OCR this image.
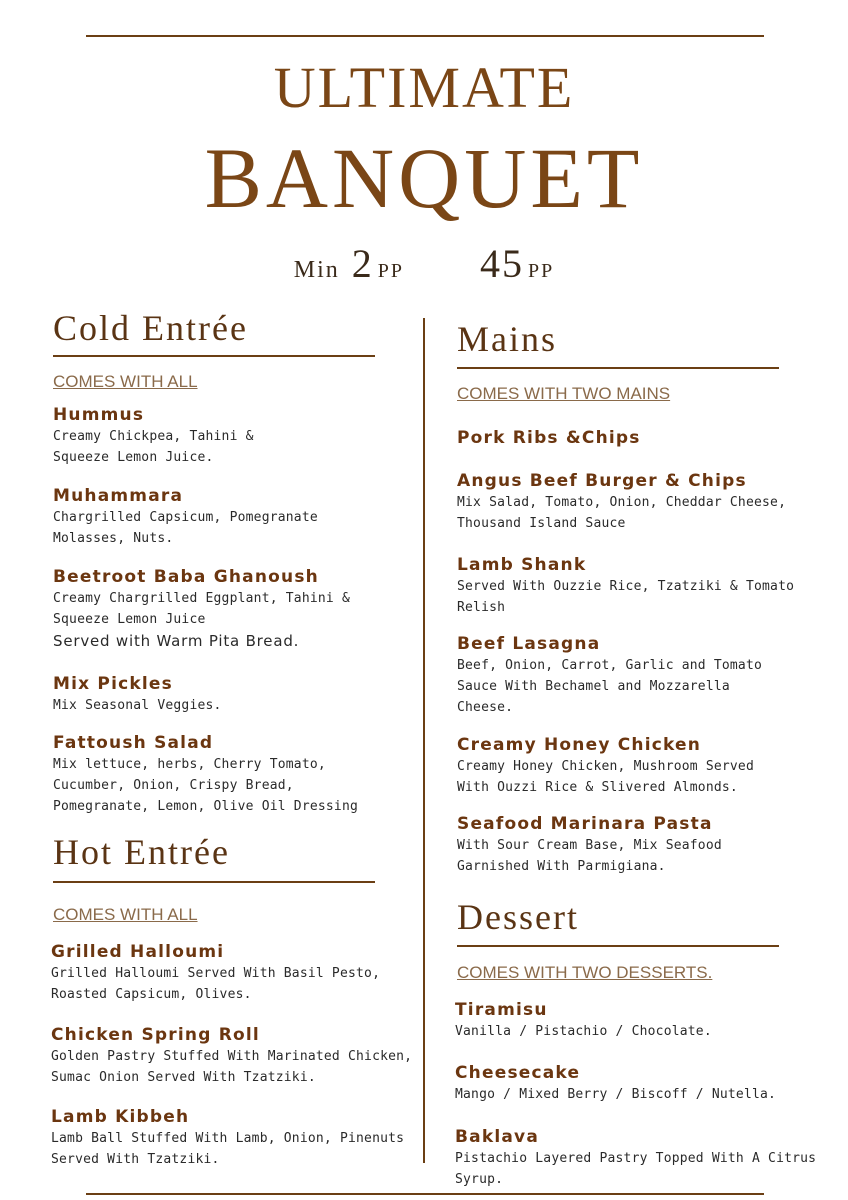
ULTIMATE
BANQUET
Min 2 PP 45 PP
Cold Entrée
COMES WITH ALL
Hummus
Creamy Chickpea, Tahini &
Squeeze Lemon Juice.
Muhammara
Chargrilled Capsicum, Pomegranate
Molasses, Nuts.
Beetroot Baba Ghanoush
Creamy Chargrilled Eggplant, Tahini &
Squeeze Lemon Juice
Served with Warm Pita Bread.
Mix Pickles
Mix Seasonal Veggies.
Fattoush Salad
Mix lettuce, herbs, Cherry Tomato,
Cucumber, Onion, Crispy Bread,
Pomegranate, Lemon, Olive Oil Dressing
Hot Entrée
COMES WITH ALL
Grilled Halloumi
Grilled Halloumi Served With Basil Pesto,
Roasted Capsicum, Olives.
Chicken Spring Roll
Golden Pastry Stuffed With Marinated Chicken,
Sumac Onion Served With Tzatziki.
Lamb Kibbeh
Lamb Ball Stuffed With Lamb, Onion, Pinenuts
Served With Tzatziki.
Mains
COMES WITH TWO MAINS
Pork Ribs &Chips
Angus Beef Burger & Chips
Mix Salad, Tomato, Onion, Cheddar Cheese,
Thousand Island Sauce
Lamb Shank
Served With Ouzzie Rice, Tzatziki & Tomato
Relish
Beef Lasagna
Beef, Onion, Carrot, Garlic and Tomato
Sauce With Bechamel and Mozzarella
Cheese.
Creamy Honey Chicken
Creamy Honey Chicken, Mushroom Served
With Ouzzi Rice & Slivered Almonds.
Seafood Marinara Pasta
With Sour Cream Base, Mix Seafood
Garnished With Parmigiana.
Dessert
COMES WITH TWO DESSERTS.
Tiramisu
Vanilla / Pistachio / Chocolate.
Cheesecake
Mango / Mixed Berry / Biscoff / Nutella.
Baklava
Pistachio Layered Pastry Topped With A Citrus
Syrup.
